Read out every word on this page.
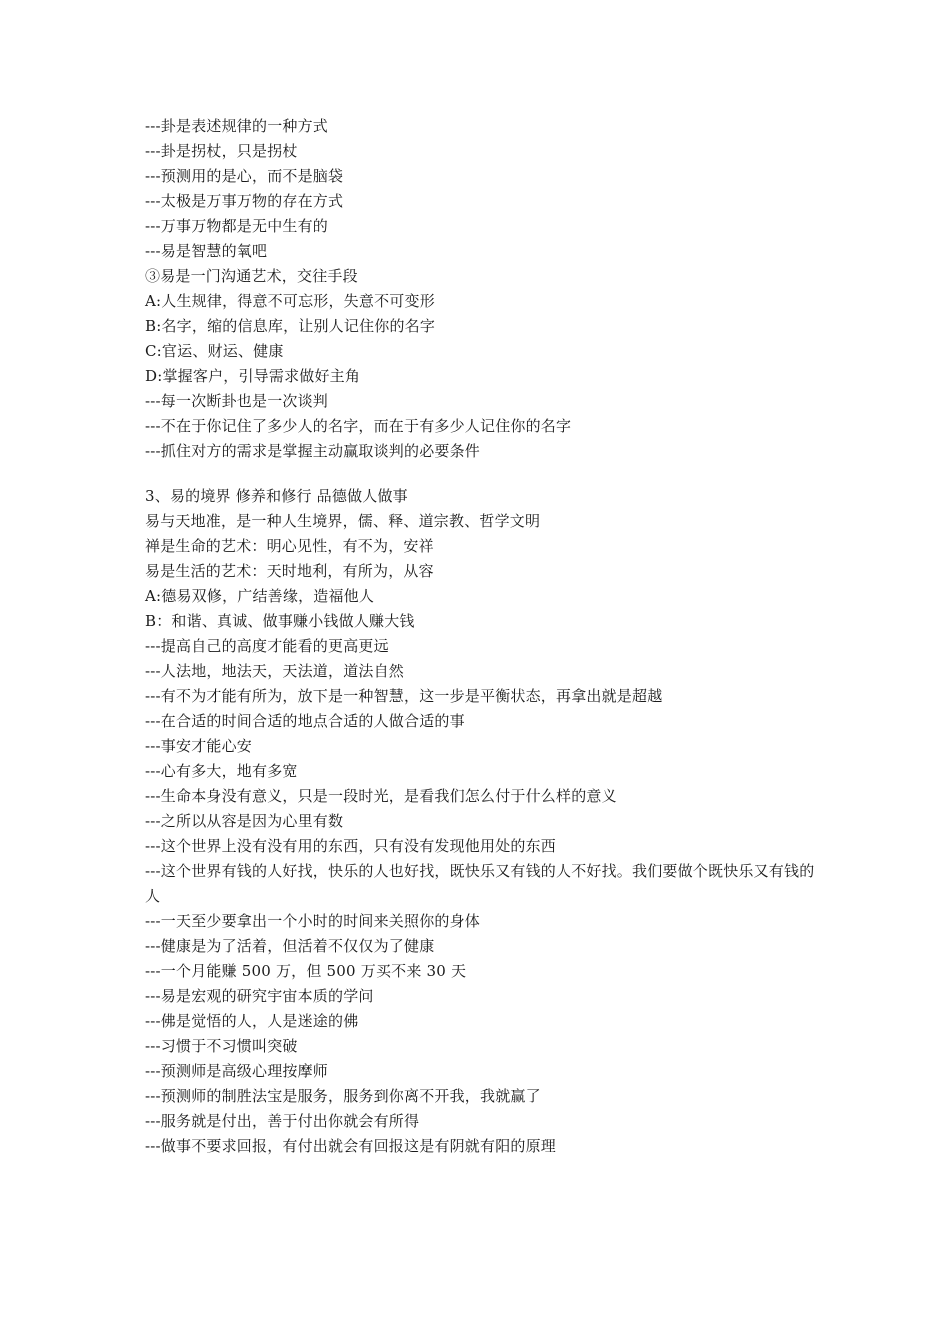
---卦是表述规律的一种方式
---卦是拐杖，只是拐杖
---预测用的是心，而不是脑袋
---太极是万事万物的存在方式
---万事万物都是无中生有的
---易是智慧的氧吧
③易是一门沟通艺术，交往手段
A:人生规律，得意不可忘形，失意不可变形
B:名字，缩的信息库，让别人记住你的名字
C:官运、财运、健康
D:掌握客户，引导需求做好主角
---每一次断卦也是一次谈判
---不在于你记住了多少人的名字，而在于有多少人记住你的名字
---抓住对方的需求是掌握主动赢取谈判的必要条件
3、易的境界 修养和修行 品德做人做事
易与天地准，是一种人生境界，儒、释、道宗教、哲学文明
禅是生命的艺术：明心见性，有不为，安祥
易是生活的艺术：天时地利，有所为，从容
A:德易双修，广结善缘，造福他人
B：和谐、真诚、做事赚小钱做人赚大钱
---提高自己的高度才能看的更高更远
---人法地，地法天，天法道，道法自然
---有不为才能有所为，放下是一种智慧，这一步是平衡状态，再拿出就是超越
---在合适的时间合适的地点合适的人做合适的事
---事安才能心安
---心有多大，地有多宽
---生命本身没有意义，只是一段时光，是看我们怎么付于什么样的意义
---之所以从容是因为心里有数
---这个世界上没有没有用的东西，只有没有发现他用处的东西
---这个世界有钱的人好找，快乐的人也好找，既快乐又有钱的人不好找。我们要做个既快乐又有钱的人
---一天至少要拿出一个小时的时间来关照你的身体
---健康是为了活着，但活着不仅仅为了健康
---一个月能赚 500 万，但 500 万买不来 30 天
---易是宏观的研究宇宙本质的学问
---佛是觉悟的人，人是迷途的佛
---习惯于不习惯叫突破
---预测师是高级心理按摩师
---预测师的制胜法宝是服务，服务到你离不开我，我就赢了
---服务就是付出，善于付出你就会有所得
---做事不要求回报，有付出就会有回报这是有阴就有阳的原理
